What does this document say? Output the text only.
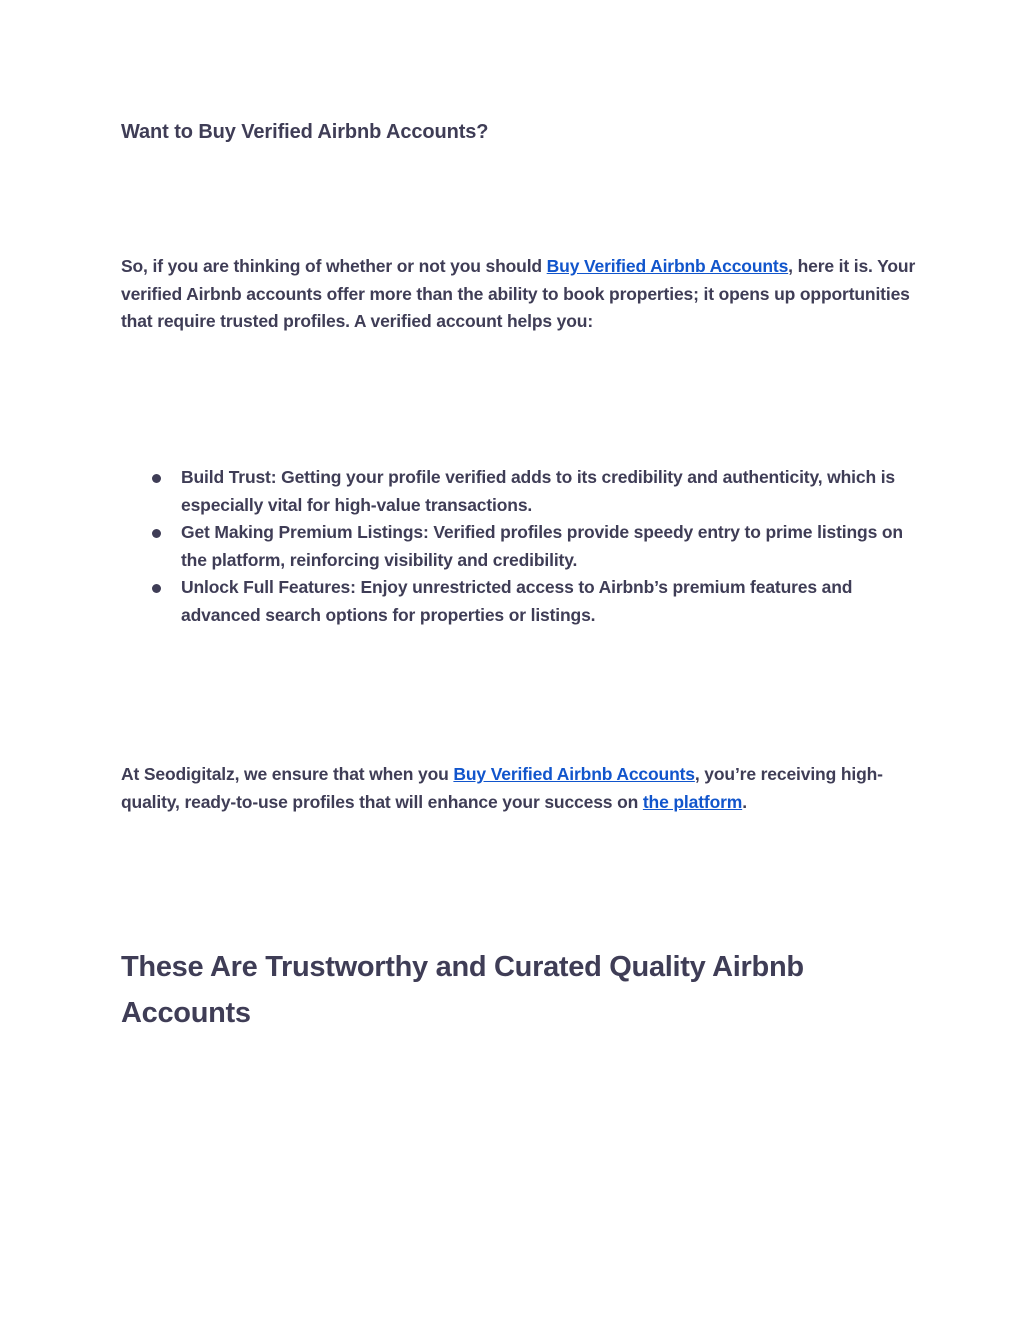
Want to Buy Verified Airbnb Accounts?

So, if you are thinking of whether or not you should Buy Verified Airbnb Accounts, here it is. Your verified Airbnb accounts offer more than the ability to book properties; it opens up opportunities that require trusted profiles. A verified account helps you:

Build Trust: Getting your profile verified adds to its credibility and authenticity, which is especially vital for high-value transactions.
Get Making Premium Listings: Verified profiles provide speedy entry to prime listings on the platform, reinforcing visibility and credibility.
Unlock Full Features: Enjoy unrestricted access to Airbnb’s premium features and advanced search options for properties or listings.

At Seodigitalz, we ensure that when you Buy Verified Airbnb Accounts, you’re receiving high-quality, ready-to-use profiles that will enhance your success on the platform.

These Are Trustworthy and Curated Quality Airbnb Accounts
